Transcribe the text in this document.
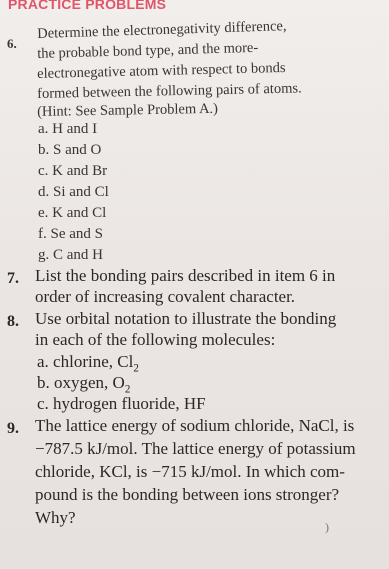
PRACTICE PROBLEMS
6.
Determine the electronegativity difference,
the probable bond type, and the more-
electronegative atom with respect to bonds
formed between the following pairs of atoms.
(Hint: See Sample Problem A.)
a. H and I
b. S and O
c. K and Br
d. Si and Cl
e. K and Cl
f. Se and S
g. C and H
7. List the bonding pairs described in item 6 in
order of increasing covalent character.
8. Use orbital notation to illustrate the bonding
in each of the following molecules:
a. chlorine, $Cl_2$
b. oxygen, $O_2$
c. hydrogen fluoride, HF
9. The lattice energy of sodium chloride, NaCl, is
−787.5 kJ/mol. The lattice energy of potassium
chloride, KCl, is −715 kJ/mol. In which com-
pound is the bonding between ions stronger?
Why?	)
